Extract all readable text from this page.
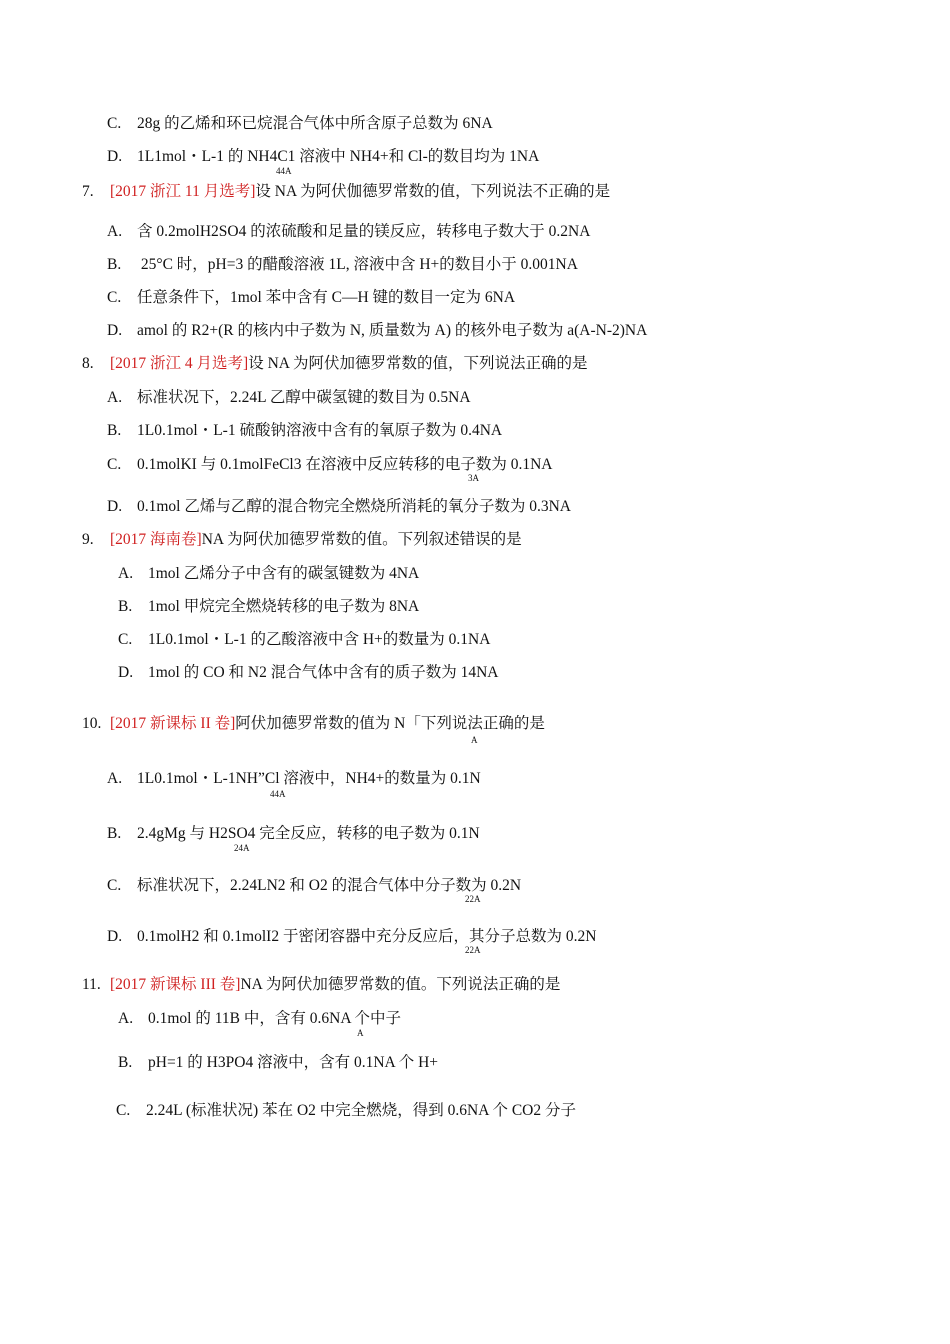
C. 28g 的乙烯和环已烷混合气体中所含原子总数为 6NA
D. 1L1mol・L-1 的 NH4C1 溶液中 NH4+和 Cl-的数目均为 1NA
44A
7. [2017 浙江 11 月选考]设 NA 为阿伏伽德罗常数的值，下列说法不正确的是
A. 含 0.2molH2SO4 的浓硫酸和足量的镁反应，转移电子数大于 0.2NA
B. 25°C 时，pH=3 的醋酸溶液 1L, 溶液中含 H+的数目小于 0.001NA
C. 任意条件下，1mol 苯中含有 C—H 键的数目一定为 6NA
D. amol 的 R2+(R 的核内中子数为 N, 质量数为 A) 的核外电子数为 a(A-N-2)NA
8. [2017 浙江 4 月选考]设 NA 为阿伏加德罗常数的值，下列说法正确的是
A. 标准状况下，2.24L 乙醇中碳氢键的数目为 0.5NA
B. 1L0.1mol・L-1 硫酸钠溶液中含有的氧原子数为 0.4NA
C. 0.1molKI 与 0.1molFeCl3 在溶液中反应转移的电子数为 0.1NA
3A
D. 0.1mol 乙烯与乙醇的混合物完全燃烧所消耗的氧分子数为 0.3NA
9. [2017 海南卷]NA 为阿伏加德罗常数的值。下列叙述错误的是
A. 1mol 乙烯分子中含有的碳氢键数为 4NA
B. 1mol 甲烷完全燃烧转移的电子数为 8NA
C. 1L0.1mol・L-1 的乙酸溶液中含 H+的数量为 0.1NA
D. 1mol 的 CO 和 N2 混合气体中含有的质子数为 14NA
10. [2017 新课标 II 卷]阿伏加德罗常数的值为 N「下列说法正确的是
A
A. 1L0.1mol・L-1NH”Cl 溶液中，NH4+的数量为 0.1N
44A
B. 2.4gMg 与 H2SO4 完全反应，转移的电子数为 0.1N
24A
C. 标准状况下，2.24LN2 和 O2 的混合气体中分子数为 0.2N
22A
D. 0.1molH2 和 0.1molI2 于密闭容器中充分反应后，其分子总数为 0.2N
22A
11. [2017 新课标 III 卷]NA 为阿伏加德罗常数的值。下列说法正确的是
A. 0.1mol 的 11B 中，含有 0.6NA 个中子
A
B. pH=1 的 H3PO4 溶液中，含有 0.1NA 个 H+
C. 2.24L (标准状况) 苯在 O2 中完全燃烧，得到 0.6NA 个 CO2 分子
